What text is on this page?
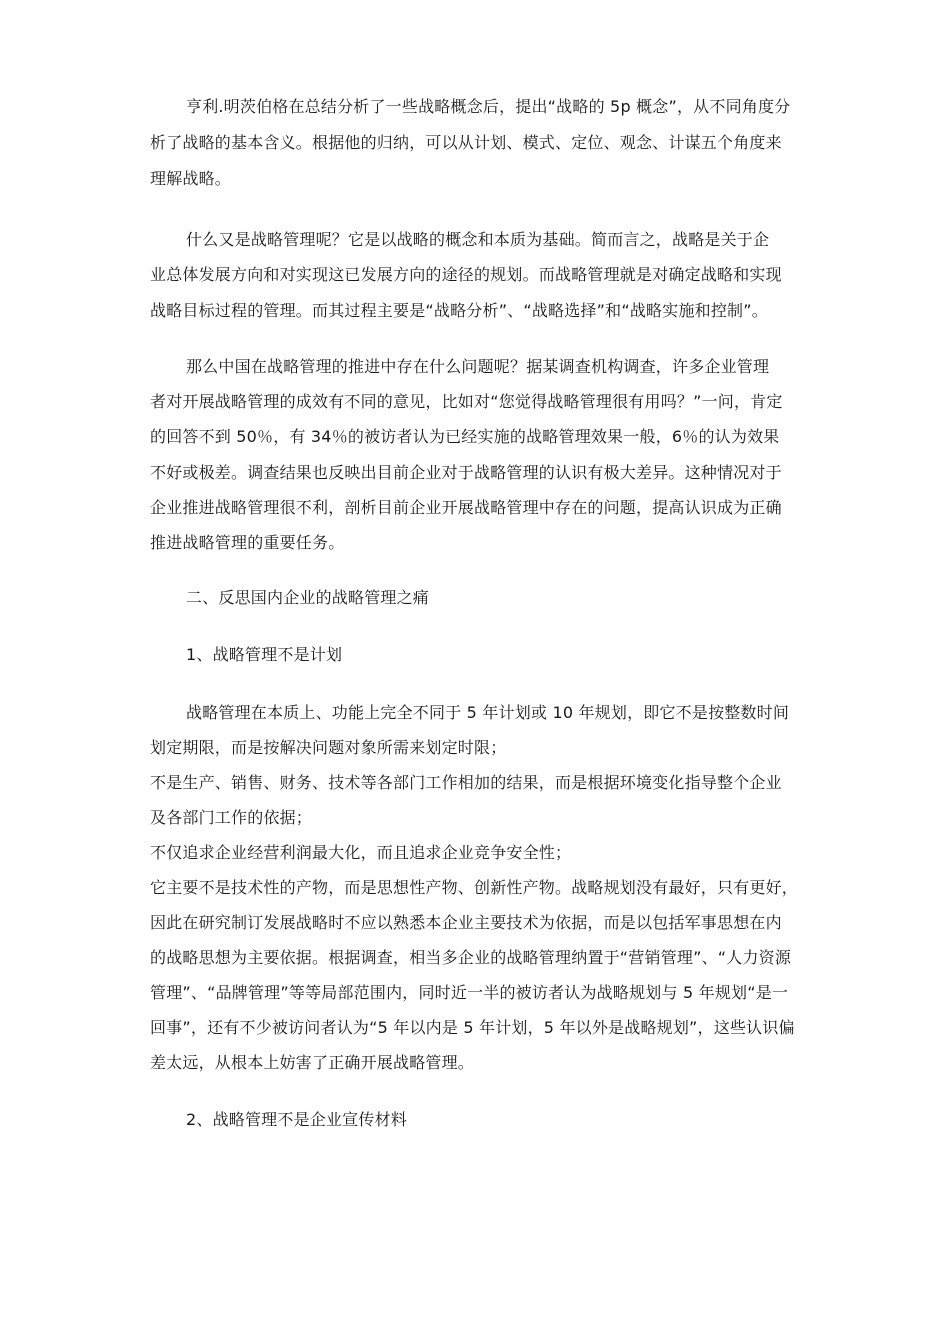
亨利.明茨伯格在总结分析了一些战略概念后，提出“战略的 5p 概念”，从不同角度分
析了战略的基本含义。根据他的归纳，可以从计划、模式、定位、观念、计谋五个角度来
理解战略。
什么又是战略管理呢？它是以战略的概念和本质为基础。简而言之，战略是关于企
业总体发展方向和对实现这已发展方向的途径的规划。而战略管理就是对确定战略和实现
战略目标过程的管理。而其过程主要是“战略分析”、“战略选择”和“战略实施和控制”。
那么中国在战略管理的推进中存在什么问题呢？据某调查机构调查，许多企业管理
者对开展战略管理的成效有不同的意见，比如对“您觉得战略管理很有用吗？”一问，肯定
的回答不到 50％，有 34％的被访者认为已经实施的战略管理效果一般，6％的认为效果
不好或极差。调查结果也反映出目前企业对于战略管理的认识有极大差异。这种情况对于
企业推进战略管理很不利，剖析目前企业开展战略管理中存在的问题，提高认识成为正确
推进战略管理的重要任务。
二、反思国内企业的战略管理之痛
1、战略管理不是计划
战略管理在本质上、功能上完全不同于 5 年计划或 10 年规划，即它不是按整数时间
划定期限，而是按解决问题对象所需来划定时限；
不是生产、销售、财务、技术等各部门工作相加的结果，而是根据环境变化指导整个企业
及各部门工作的依据；
不仅追求企业经营利润最大化，而且追求企业竞争安全性；
它主要不是技术性的产物，而是思想性产物、创新性产物。战略规划没有最好，只有更好，
因此在研究制订发展战略时不应以熟悉本企业主要技术为依据，而是以包括军事思想在内
的战略思想为主要依据。根据调查，相当多企业的战略管理纳置于“营销管理”、“人力资源
管理”、“品牌管理”等等局部范围内，同时近一半的被访者认为战略规划与 5 年规划“是一
回事”，还有不少被访问者认为“5 年以内是 5 年计划，5 年以外是战略规划”，这些认识偏
差太远，从根本上妨害了正确开展战略管理。
2、战略管理不是企业宣传材料
